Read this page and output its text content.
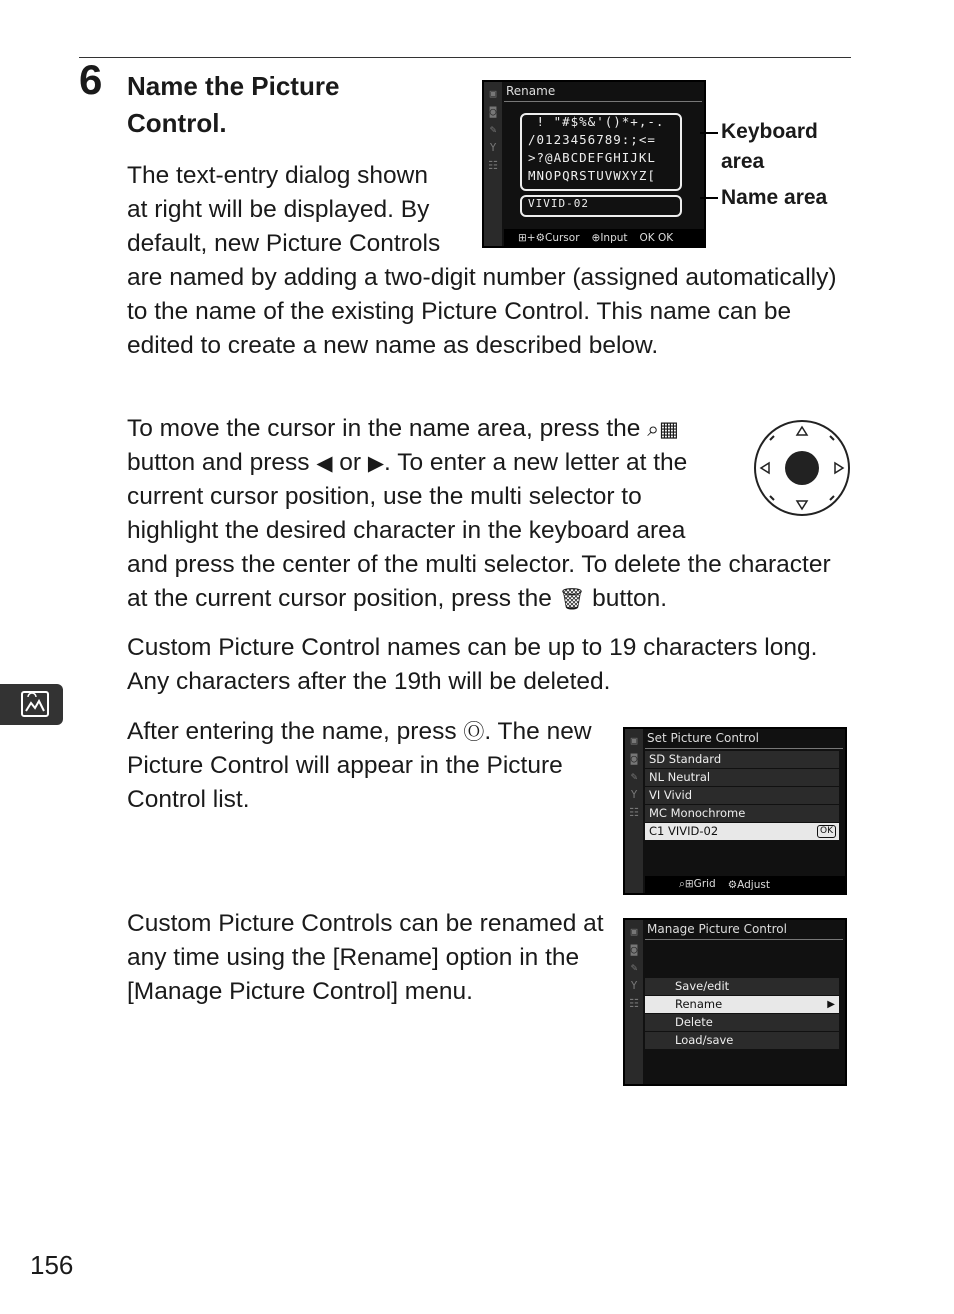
6 Name the Picture Control.

The text-entry dialog shown at right will be displayed. By default, new Picture Controls are named by adding a two-digit number (assigned automatically) to the name of the existing Picture Control. This name can be edited to create a new name as described below.

▣
◙
✎
Y
☷
Rename
! "#$%&'()*+,-.
/0123456789:;<=
>?@ABCDEFGHIJKL
MNOPQRSTUVWXYZ[
VIVID-02
⊞+⚙Cursor ⊕Input OK OK
Keyboard area
Name area

To move the cursor in the name area, press the ⌕▦ button and press ◀ or ▶. To enter a new letter at the current cursor position, use the multi selector to highlight the desired character in the keyboard area and press the center of the multi selector. To delete the character at the current cursor position, press the 🗑 button.

Custom Picture Control names can be up to 19 characters long. Any characters after the 19th will be deleted.

After entering the name, press Ⓞ. The new Picture Control will appear in the Picture Control list.

▣
◙
✎
Y
☷
Set Picture Control
SD Standard
NL Neutral
VI Vivid
MC Monochrome
C1 VIVID-02	OK
⌕⊞Grid ⚙Adjust

Custom Picture Controls can be renamed at any time using the [Rename] option in the [Manage Picture Control] menu.

▣
◙
✎
Y
☷
Manage Picture Control
Save/edit
Rename	▶
Delete
Load/save
156
